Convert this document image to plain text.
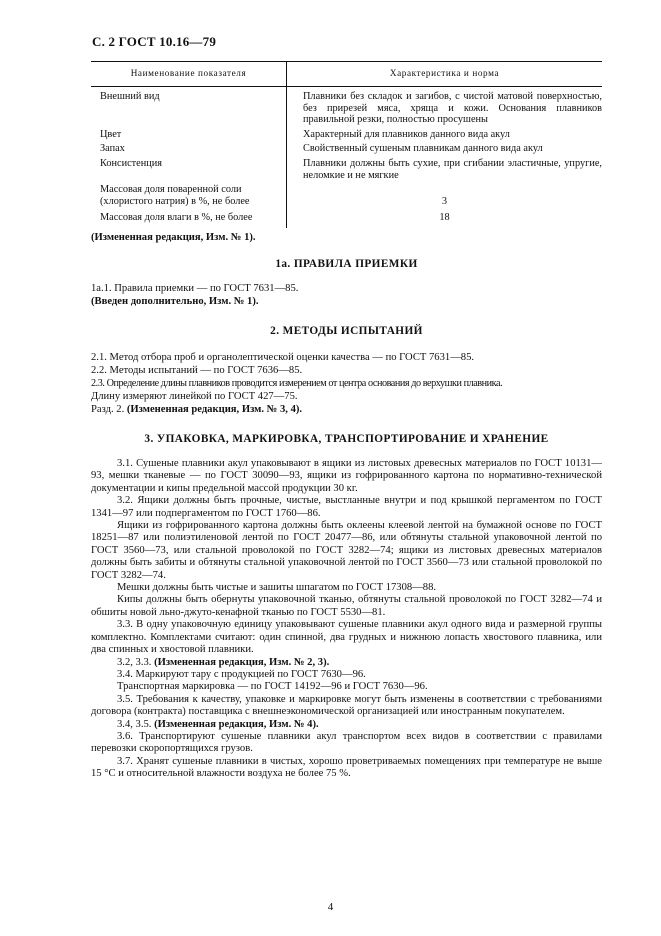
С. 2 ГОСТ 10.16—79
Наименование показателя	Характеристика и норма
Внешний вид	Плавники без складок и загибов, с чистой матовой поверхностью, без прирезей мяса, хряща и кожи. Основания плавников правильной резки, полностью просушены
Цвет	Характерный для плавников данного вида акул
Запах	Свойственный сушеным плавникам данного вида акул
Консистенция	Плавники должны быть сухие, при сгибании эластичные, упругие, неломкие и не мягкие
Массовая доля поваренной соли (хлористого натрия) в %, не более	3
Массовая доля влаги в %, не более	18

(Измененная редакция, Изм. № 1).

1а. ПРАВИЛА ПРИЕМКИ

1а.1. Правила приемки — по ГОСТ 7631—85.

(Введен дополнительно, Изм. № 1).

2. МЕТОДЫ ИСПЫТАНИЙ

2.1. Метод отбора проб и органолептической оценки качества — по ГОСТ 7631—85.

2.2. Методы испытаний — по ГОСТ 7636—85.

2.3. Определение длины плавников проводится измерением от центра основания до верхушки плавника.

Длину измеряют линейкой по ГОСТ 427—75.

Разд. 2. (Измененная редакция, Изм. № 3, 4).

3. УПАКОВКА, МАРКИРОВКА, ТРАНСПОРТИРОВАНИЕ И ХРАНЕНИЕ

3.1. Сушеные плавники акул упаковывают в ящики из листовых древесных материалов по ГОСТ 10131—93, мешки тканевые — по ГОСТ 30090—93, ящики из гофрированного картона по нормативно-технической документации и кипы предельной массой продукции 30 кг.

3.2. Ящики должны быть прочные, чистые, выстланные внутри и под крышкой пергаментом по ГОСТ 1341—97 или подпергаментом по ГОСТ 1760—86.

Ящики из гофрированного картона должны быть оклеены клеевой лентой на бумажной основе по ГОСТ 18251—87 или полиэтиленовой лентой по ГОСТ 20477—86, или обтянуты стальной упаковочной лентой по ГОСТ 3560—73, или стальной проволокой по ГОСТ 3282—74; ящики из листовых древесных материалов должны быть забиты и обтянуты стальной упаковочной лентой по ГОСТ 3560—73 или стальной проволокой по ГОСТ 3282—74.

Мешки должны быть чистые и зашиты шпагатом по ГОСТ 17308—88.

Кипы должны быть обернуты упаковочной тканью, обтянуты стальной проволокой по ГОСТ 3282—74 и обшиты новой льно-джуто-кенафной тканью по ГОСТ 5530—81.

3.3. В одну упаковочную единицу упаковывают сушеные плавники акул одного вида и размерной группы комплектно. Комплектами считают: один спинной, два грудных и нижнюю лопасть хвостового плавника, или два спинных и хвостовой плавники.

3.2, 3.3. (Измененная редакция, Изм. № 2, 3).

3.4. Маркируют тару с продукцией по ГОСТ 7630—96.

Транспортная маркировка — по ГОСТ 14192—96 и ГОСТ 7630—96.

3.5. Требования к качеству, упаковке и маркировке могут быть изменены в соответствии с требованиями договора (контракта) поставщика с внешнеэкономической организацией или иностранным покупателем.

3.4, 3.5. (Измененная редакция, Изм. № 4).

3.6. Транспортируют сушеные плавники акул транспортом всех видов в соответствии с правилами перевозки скоропортящихся грузов.

3.7. Хранят сушеные плавники в чистых, хорошо проветриваемых помещениях при температуре не выше 15 °С и относительной влажности воздуха не более 75 %.

4
